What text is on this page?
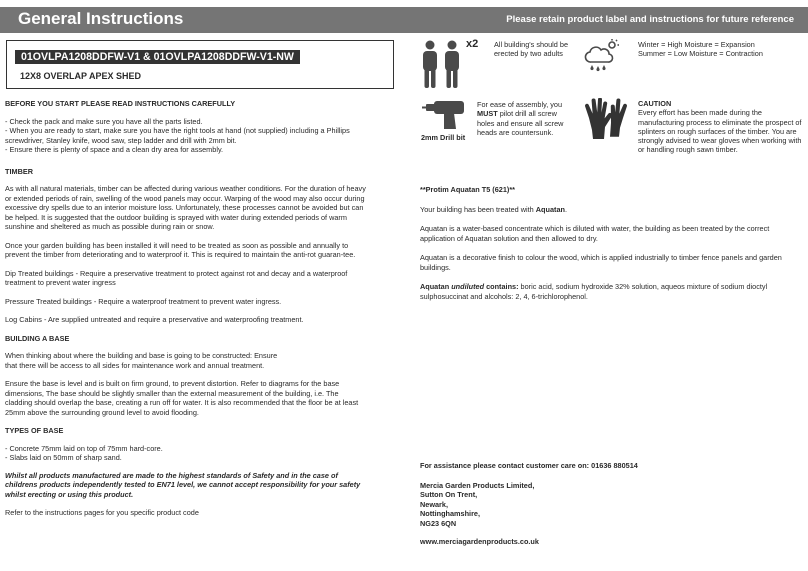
General Instructions	Please retain product label and instructions for future reference
01OVLPA1208DDFW-V1 & 01OVLPA1208DDFW-V1-NW
12X8 OVERLAP APEX SHED

BEFORE YOU START PLEASE READ INSTRUCTIONS CAREFULLY

- Check the pack and make sure you have all the parts listed.

- When you are ready to start, make sure you have the right tools at hand (not supplied) including a Phillips screwdriver, Stanley knife, wood saw, step ladder and drill with 2mm bit.

- Ensure there is plenty of space and a clean dry area for assembly.

TIMBER

As with all natural materials, timber can be affected during various weather conditions. For the duration of heavy or extended periods of rain, swelling of the wood panels may occur. Warping of the wood may also occur during excessive dry spells due to an interior moisture loss. Unfortunately, these processes cannot be avoided but can be helped. It is suggested that the outdoor building is sprayed with water during extended periods of warm sunshine and sheltered as much as possible during rain or snow.

Once your garden building has been installed it will need to be treated as soon as possible and annually to prevent the timber from deteriorating and to waterproof it. This is required to maintain the anti-rot guaran-tee.

Dip Treated buildings - Require a preservative treatment to protect against rot and decay and a waterproof treatment to prevent water ingress

Pressure Treated buildings - Require a waterproof treatment to prevent water ingress.

Log Cabins - Are supplied untreated and require a preservative and waterproofing treatment.

BUILDING A BASE

When thinking about where the building and base is going to be constructed: Ensure that there will be access to all sides for maintenance work and annual treatment.

Ensure the base is level and is built on firm ground, to prevent distortion. Refer to diagrams for the base dimensions, The base should be slightly smaller than the external measurement of the building, i.e. The cladding should overlap the base, creating a run off for water. It is also recommended that the floor be at least 25mm above the surrounding ground level to avoid flooding.

TYPES OF BASE

- Concrete 75mm laid on top of 75mm hard-core.

- Slabs laid on 50mm of sharp sand.

Whilst all products manufactured are made to the highest standards of Safety and in the case of childrens products independently tested to EN71 level, we cannot accept responsibility for your safety whilst erecting or using this product.

Refer to the instructions pages for you specific product code

x2 All building's should be erected by two adults
Winter = High Moisture = Expansion
Summer = Low Moisture = Contraction
2mm Drill bit
For ease of assembly, you MUST pilot drill all screw holes and ensure all screw heads are countersunk.
CAUTION
Every effort has been made during the manufacturing process to eliminate the prospect of splinters on rough surfaces of the timber. You are strongly advised to wear gloves when working with or handling rough sawn timber.

**Protim Aquatan T5 (621)**

Your building has been treated with Aquatan.

Aquatan is a water-based concentrate which is diluted with water, the building as been treated by the correct application of Aquatan solution and then allowed to dry.

Aquatan is a decorative finish to colour the wood, which is applied industrially to timber fence panels and garden buildings.

Aquatan undiluted contains: boric acid, sodium hydroxide 32% solution, aqueos mixture of sodium dioctyl sulphosuccinat and alcohols: 2, 4, 6-trichlorophenol.

For assistance please contact customer care on: 01636 880514

Mercia Garden Products Limited,

Sutton On Trent,

Newark,

Nottinghamshire,

NG23 6QN

www.merciagardenproducts.co.uk
